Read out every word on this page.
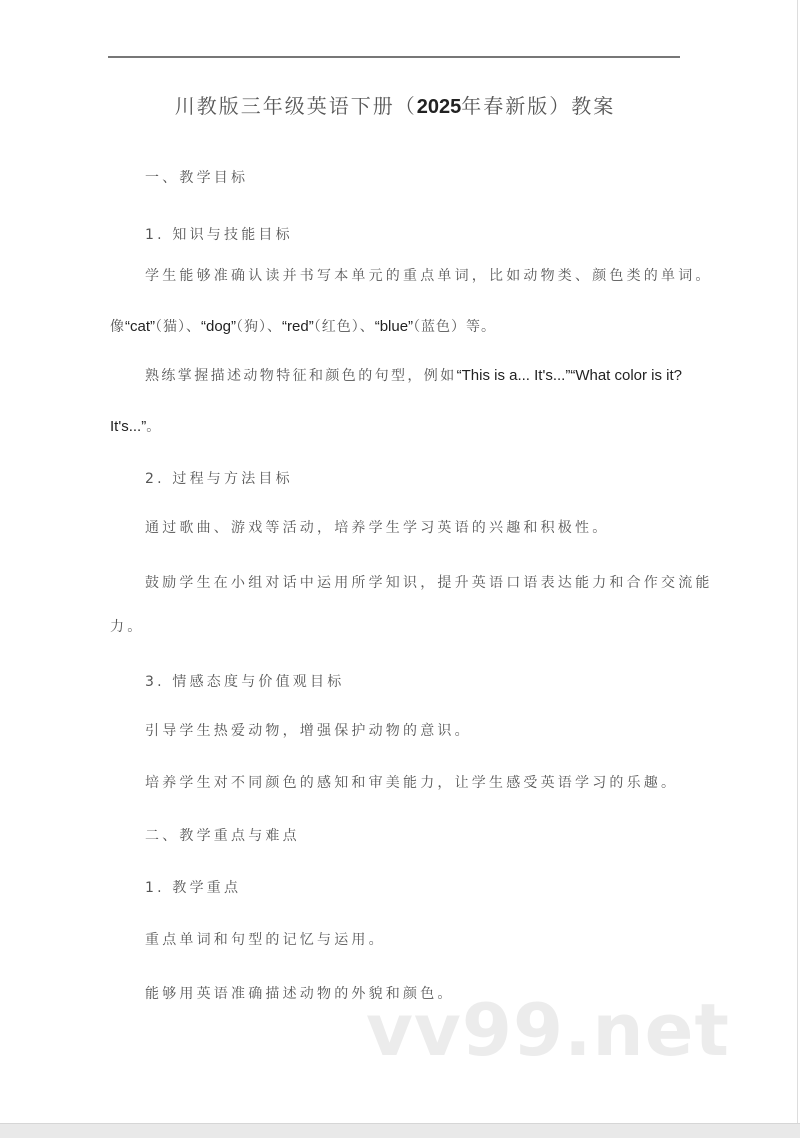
川教版三年级英语下册（2025年春新版）教案
一、教学目标
1. 知识与技能目标
学生能够准确认读并书写本单元的重点单词，比如动物类、颜色类的单词。
像“cat”（猫）、“dog”（狗）、“red”（红色）、“blue”（蓝色）等。
熟练掌握描述动物特征和颜色的句型，例如“This is a... It's...”“What color is it?
It's...”。
2. 过程与方法目标
通过歌曲、游戏等活动，培养学生学习英语的兴趣和积极性。
鼓励学生在小组对话中运用所学知识，提升英语口语表达能力和合作交流能
力。
3. 情感态度与价值观目标
引导学生热爱动物，增强保护动物的意识。
培养学生对不同颜色的感知和审美能力，让学生感受英语学习的乐趣。
二、教学重点与难点
1. 教学重点
重点单词和句型的记忆与运用。
能够用英语准确描述动物的外貌和颜色。
vv99.net
